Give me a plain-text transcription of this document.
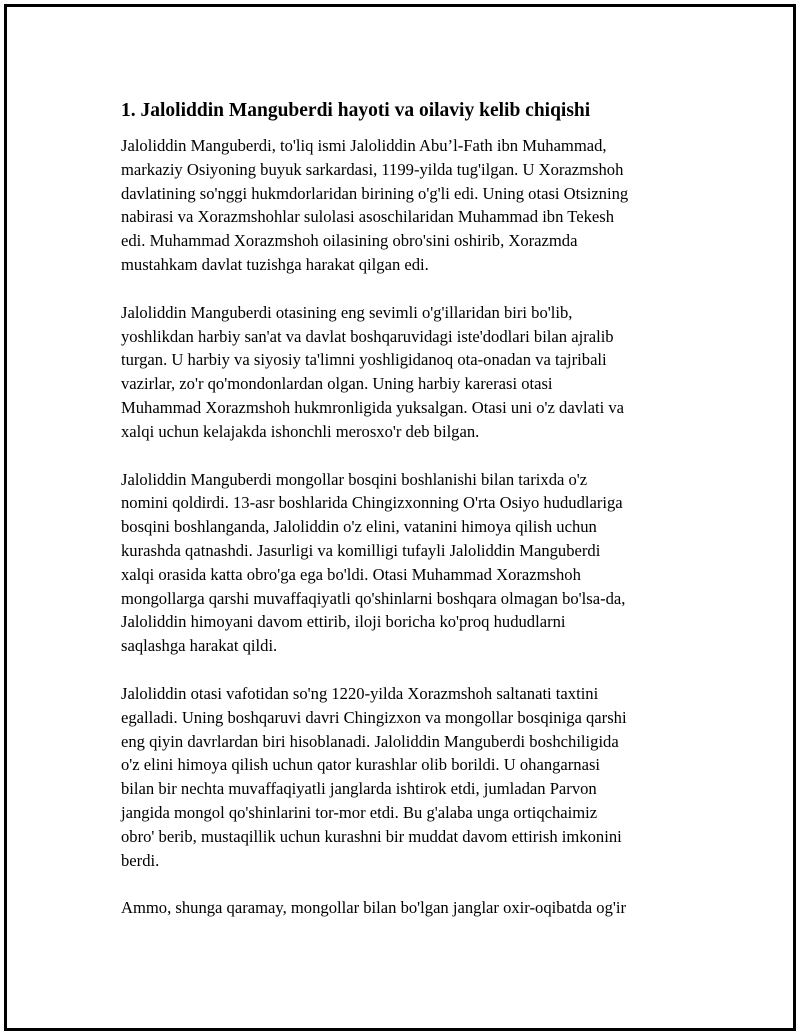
1. Jaloliddin Manguberdi hayoti va oilaviy kelib chiqishi

Jaloliddin Manguberdi, to'liq ismi Jaloliddin Abu’l-Fath ibn Muhammad,
markaziy Osiyoning buyuk sarkardasi, 1199-yilda tug'ilgan. U Xorazmshoh
davlatining so'nggi hukmdorlaridan birining o'g'li edi. Uning otasi Otsizning
nabirasi va Xorazmshohlar sulolasi asoschilaridan Muhammad ibn Tekesh
edi. Muhammad Xorazmshoh oilasining obro'sini oshirib, Xorazmda
mustahkam davlat tuzishga harakat qilgan edi.

Jaloliddin Manguberdi otasining eng sevimli o'g'illaridan biri bo'lib,
yoshlikdan harbiy san'at va davlat boshqaruvidagi iste'dodlari bilan ajralib
turgan. U harbiy va siyosiy ta'limni yoshligidanoq ota-onadan va tajribali
vazirlar, zo'r qo'mondonlardan olgan. Uning harbiy karerasi otasi
Muhammad Xorazmshoh hukmronligida yuksalgan. Otasi uni o'z davlati va
xalqi uchun kelajakda ishonchli merosxo'r deb bilgan.

Jaloliddin Manguberdi mongollar bosqini boshlanishi bilan tarixda o'z
nomini qoldirdi. 13-asr boshlarida Chingizxonning O'rta Osiyo hududlariga
bosqini boshlanganda, Jaloliddin o'z elini, vatanini himoya qilish uchun
kurashda qatnashdi. Jasurligi va komilligi tufayli Jaloliddin Manguberdi
xalqi orasida katta obro'ga ega bo'ldi. Otasi Muhammad Xorazmshoh
mongollarga qarshi muvaffaqiyatli qo'shinlarni boshqara olmagan bo'lsa-da,
Jaloliddin himoyani davom ettirib, iloji boricha ko'proq hududlarni
saqlashga harakat qildi.

Jaloliddin otasi vafotidan so'ng 1220-yilda Xorazmshoh saltanati taxtini
egalladi. Uning boshqaruvi davri Chingizxon va mongollar bosqiniga qarshi
eng qiyin davrlardan biri hisoblanadi. Jaloliddin Manguberdi boshchiligida
o'z elini himoya qilish uchun qator kurashlar olib borildi. U ohangarnasi
bilan bir nechta muvaffaqiyatli janglarda ishtirok etdi, jumladan Parvon
jangida mongol qo'shinlarini tor-mor etdi. Bu g'alaba unga ortiqchaimiz
obro' berib, mustaqillik uchun kurashni bir muddat davom ettirish imkonini
berdi.

Ammo, shunga qaramay, mongollar bilan bo'lgan janglar oxir-oqibatda og'ir
